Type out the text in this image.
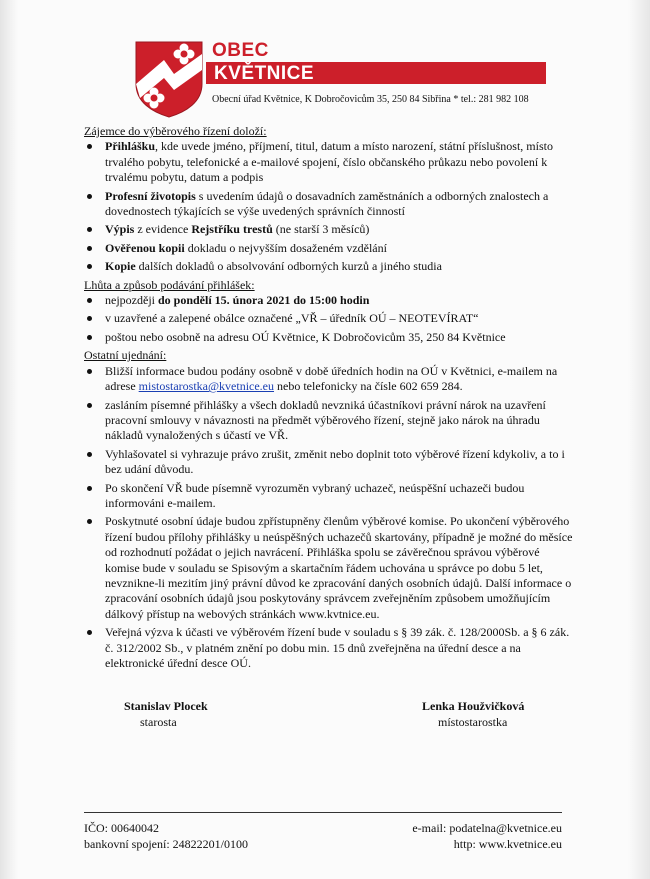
OBEC
KVĚTNICE
Obecní úřad Květnice, K Dobročovicům 35, 250 84 Sibřina * tel.: 281 982 108
Zájemce do výběrového řízení doloží:
Přihlášku, kde uvede jméno, příjmení, titul, datum a místo narození, státní příslušnost, místo trvalého pobytu, telefonické a e-mailové spojení, číslo občanského průkazu nebo povolení k trvalému pobytu, datum a podpis
Profesní životopis s uvedením údajů o dosavadních zaměstnáních a odborných znalostech a dovednostech týkajících se výše uvedených správních činností
Výpis z evidence Rejstříku trestů (ne starší 3 měsíců)
Ověřenou kopii dokladu o nejvyšším dosaženém vzdělání
Kopie dalších dokladů o absolvování odborných kurzů a jiného studia
Lhůta a způsob podávání přihlášek:
nejpozději do pondělí 15. února 2021 do 15:00 hodin
v uzavřené a zalepené obálce označené „VŘ – úředník OÚ – NEOTEVÍRAT“
poštou nebo osobně na adresu OÚ Květnice, K Dobročovicům 35, 250 84 Květnice
Ostatní ujednání:
Bližší informace budou podány osobně v době úředních hodin na OÚ v Květnici, e-mailem na adrese mistostarostka@kvetnice.eu nebo telefonicky na čísle 602 659 284.
zasláním písemné přihlášky a všech dokladů nevzniká účastníkovi právní nárok na uzavření pracovní smlouvy v návaznosti na předmět výběrového řízení, stejně jako nárok na úhradu nákladů vynaložených s účastí ve VŘ.
Vyhlašovatel si vyhrazuje právo zrušit, změnit nebo doplnit toto výběrové řízení kdykoliv, a to i bez udání důvodu.
Po skončení VŘ bude písemně vyrozuměn vybraný uchazeč, neúspěšní uchazeči budou informováni e-mailem.
Poskytnuté osobní údaje budou zpřístupněny členům výběrové komise. Po ukončení výběrového řízení budou přílohy přihlášky u neúspěšných uchazečů skartovány, případně je možné do měsíce od rozhodnutí požádat o jejich navrácení. Přihláška spolu se závěrečnou správou výběrové komise bude v souladu se Spisovým a skartačním řádem uchována u správce po dobu 5 let, nevznikne-li mezitím jiný právní důvod ke zpracování daných osobních údajů. Další informace o zpracování osobních údajů jsou poskytovány správcem zveřejněním způsobem umožňujícím dálkový přístup na webových stránkách www.kvtnice.eu.
Veřejná výzva k účasti ve výběrovém řízení bude v souladu s § 39 zák. č. 128/2000Sb. a § 6 zák. č. 312/2002 Sb., v platném znění po dobu min. 15 dnů zveřejněna na úřední desce a na elektronické úřední desce OÚ.
Stanislav Plocek
starosta
Lenka Houžvičková
místostarostka
IČO: 00640042
bankovní spojení: 24822201/0100
e-mail: podatelna@kvetnice.eu
http: www.kvetnice.eu
